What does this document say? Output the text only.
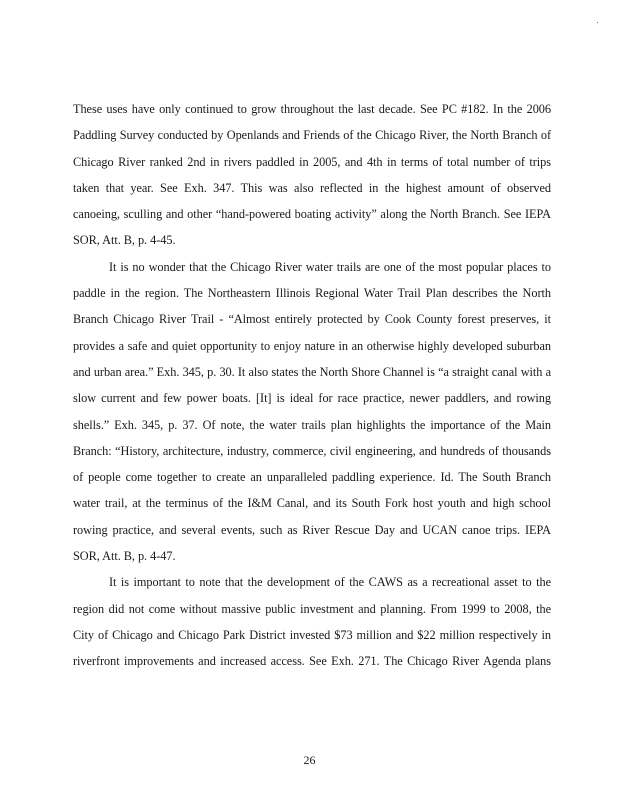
These uses have only continued to grow throughout the last decade. See PC #182. In the 2006
Paddling Survey conducted by Openlands and Friends of the Chicago River, the North Branch of
Chicago River ranked 2nd in rivers paddled in 2005, and 4th in terms of total number of trips
taken that year. See Exh. 347. This was also reflected in the highest amount of observed
canoeing, sculling and other “hand-powered boating activity” along the North Branch. See IEPA
SOR, Att. B, p. 4-45.

It is no wonder that the Chicago River water trails are one of the most popular places to
paddle in the region. The Northeastern Illinois Regional Water Trail Plan describes the North
Branch Chicago River Trail - “Almost entirely protected by Cook County forest preserves, it
provides a safe and quiet opportunity to enjoy nature in an otherwise highly developed suburban
and urban area.” Exh. 345, p. 30. It also states the North Shore Channel is “a straight canal with a
slow current and few power boats. [It] is ideal for race practice, newer paddlers, and rowing
shells.” Exh. 345, p. 37. Of note, the water trails plan highlights the importance of the Main
Branch: “History, architecture, industry, commerce, civil engineering, and hundreds of thousands
of people come together to create an unparalleled paddling experience. Id. The South Branch
water trail, at the terminus of the I&M Canal, and its South Fork host youth and high school
rowing practice, and several events, such as River Rescue Day and UCAN canoe trips. IEPA
SOR, Att. B, p. 4-47.

It is important to note that the development of the CAWS as a recreational asset to the
region did not come without massive public investment and planning. From 1999 to 2008, the
City of Chicago and Chicago Park District invested $73 million and $22 million respectively in
riverfront improvements and increased access. See Exh. 271. The Chicago River Agenda plans

26
